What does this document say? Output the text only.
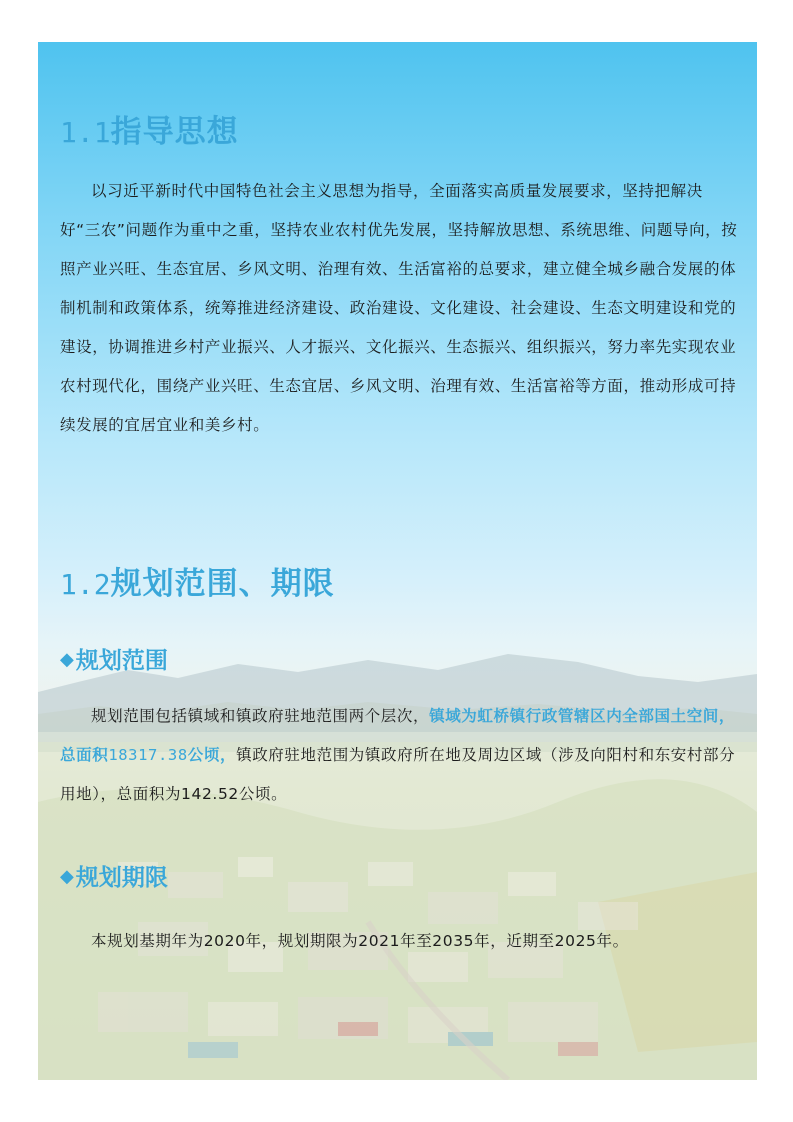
1.1指导思想

以习近平新时代中国特色社会主义思想为指导，全面落实高质量发展要求，坚持把解决好“三农”问题作为重中之重，坚持农业农村优先发展，坚持解放思想、系统思维、问题导向，按照产业兴旺、生态宜居、乡风文明、治理有效、生活富裕的总要求，建立健全城乡融合发展的体制机制和政策体系，统筹推进经济建设、政治建设、文化建设、社会建设、生态文明建设和党的建设，协调推进乡村产业振兴、人才振兴、文化振兴、生态振兴、组织振兴，努力率先实现农业农村现代化，围绕产业兴旺、生态宜居、乡风文明、治理有效、生活富裕等方面，推动形成可持续发展的宜居宜业和美乡村。

1.2规划范围、期限
◆规划范围

规划范围包括镇域和镇政府驻地范围两个层次，镇域为虹桥镇行政管辖区内全部国土空间，总面积18317.38公顷，镇政府驻地范围为镇政府所在地及周边区域（涉及向阳村和东安村部分用地），总面积为142.52公顷。

◆规划期限

本规划基期年为2020年，规划期限为2021年至2035年，近期至2025年。
